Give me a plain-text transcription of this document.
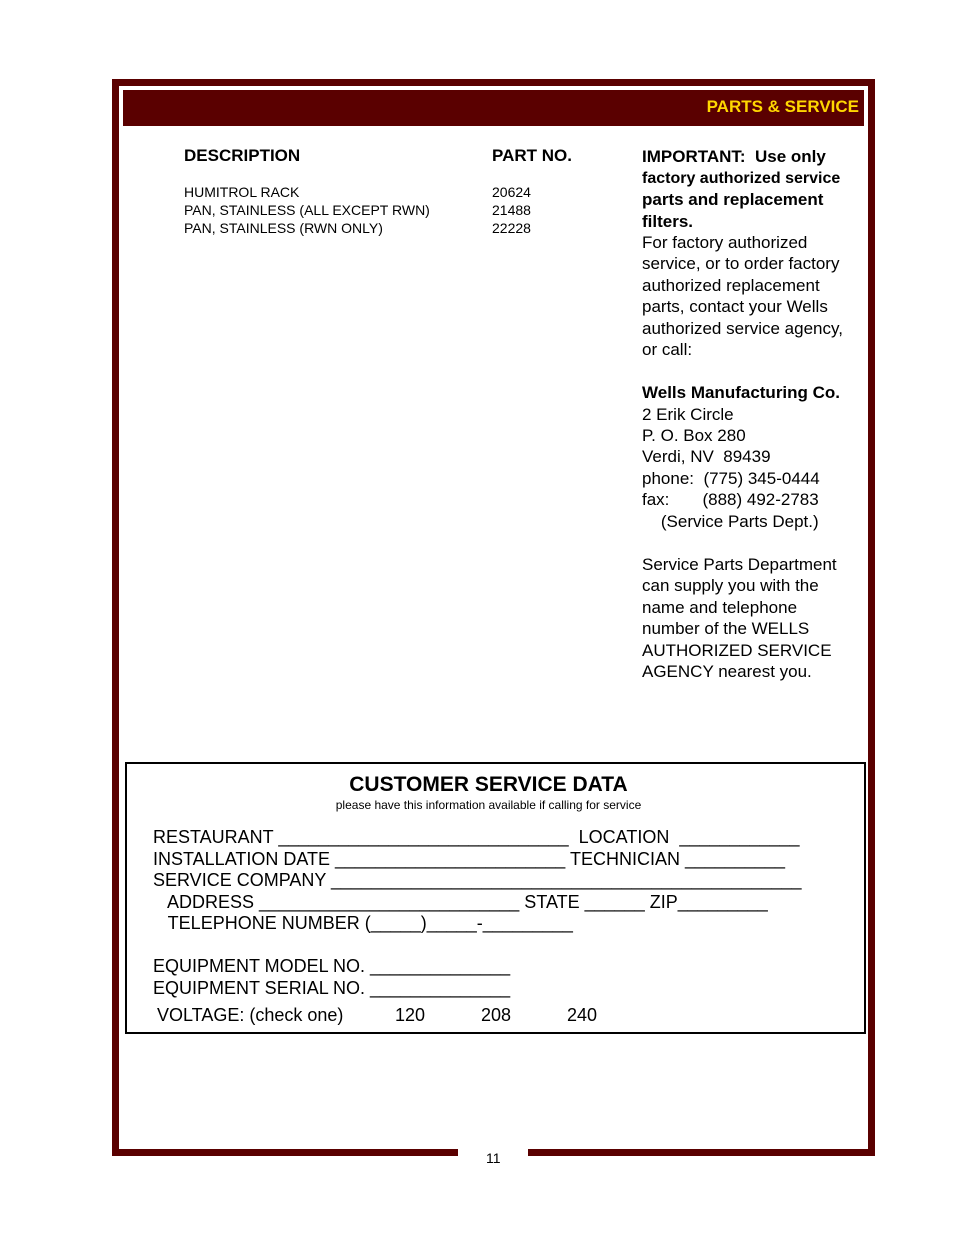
PARTS & SERVICE
DESCRIPTION	PART NO.
HUMITROL RACK	20624
PAN, STAINLESS (ALL EXCEPT RWN)	21488
PAN, STAINLESS (RWN ONLY)	22228
IMPORTANT:  Use only
factory authorized service
parts and replacement
filters.
For factory authorized
service, or to order factory
authorized replacement
parts, contact your Wells
authorized service agency,
or call:
Wells Manufacturing Co.
2 Erik Circle
P. O. Box 280
Verdi, NV  89439
phone:  (775) 345-0444
fax:       (888) 492-2783
(Service Parts Dept.)
Service Parts Department
can supply you with the
name and telephone
number of the WELLS
AUTHORIZED SERVICE
AGENCY nearest you.
CUSTOMER SERVICE DATA
please have this information available if calling for service
RESTAURANT _____________________________  LOCATION  ____________
INSTALLATION DATE _______________________ TECHNICIAN __________
SERVICE COMPANY _______________________________________________
ADDRESS __________________________ STATE ______ ZIP_________
TELEPHONE NUMBER (_____)_____-_________
EQUIPMENT MODEL NO. ______________
EQUIPMENT SERIAL NO. ______________
VOLTAGE: (check one)	120	208	240
11
